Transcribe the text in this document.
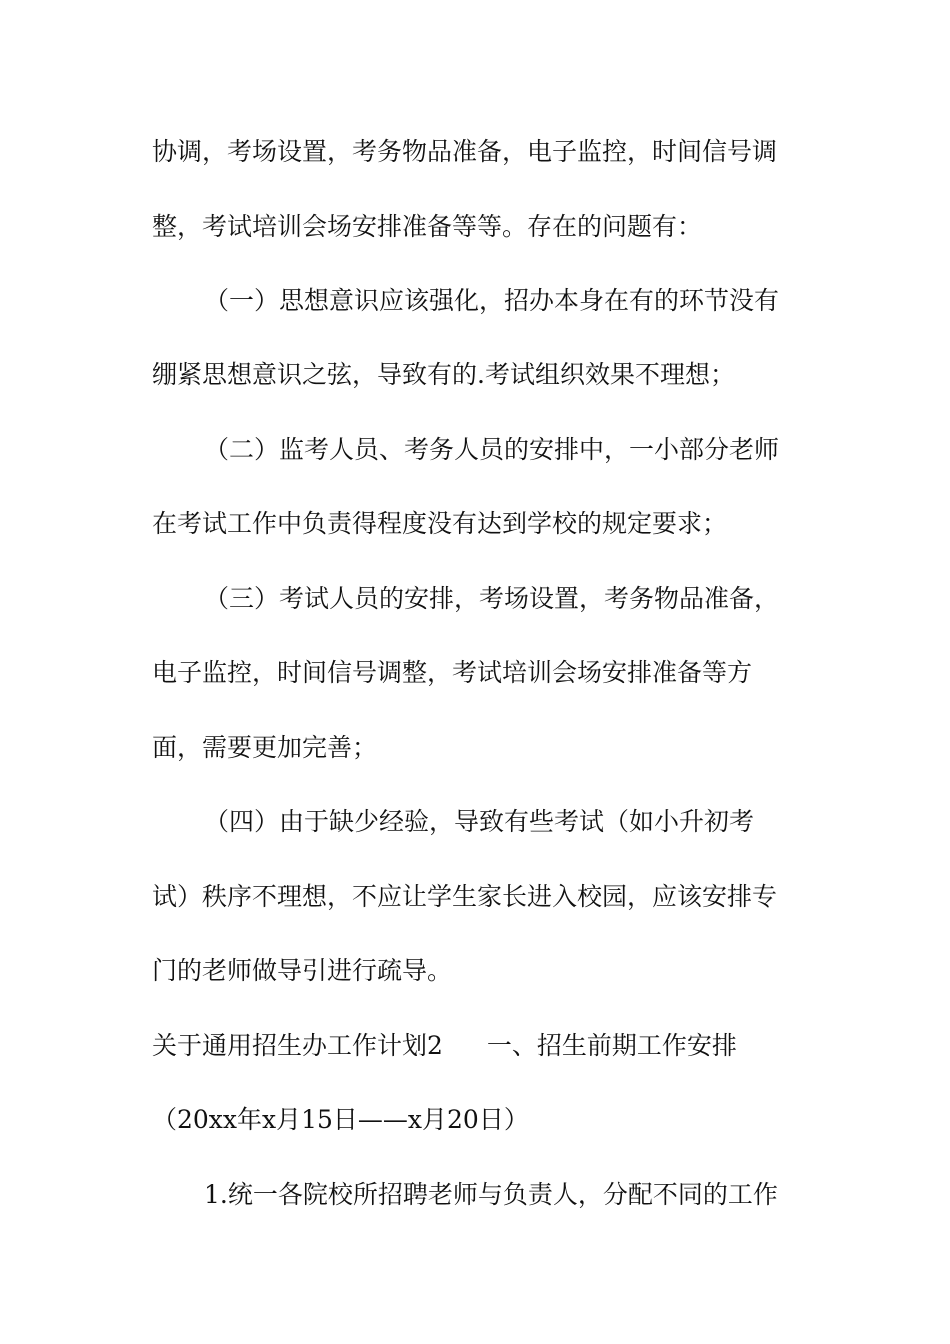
协调，考场设置，考务物品准备，电子监控，时间信号调
整，考试培训会场安排准备等等。存在的问题有：
（一）思想意识应该强化，招办本身在有的环节没有
绷紧思想意识之弦，导致有的.考试组织效果不理想；
（二）监考人员、考务人员的安排中，一小部分老师
在考试工作中负责得程度没有达到学校的规定要求；
（三）考试人员的安排，考场设置，考务物品准备，
电子监控，时间信号调整，考试培训会场安排准备等方
面，需要更加完善；
（四）由于缺少经验，导致有些考试（如小升初考
试）秩序不理想，不应让学生家长进入校园，应该安排专
门的老师做导引进行疏导。
关于通用招生办工作计划2 一、招生前期工作安排
（20xx年x月15日——x月20日）
1.统一各院校所招聘老师与负责人，分配不同的工作
